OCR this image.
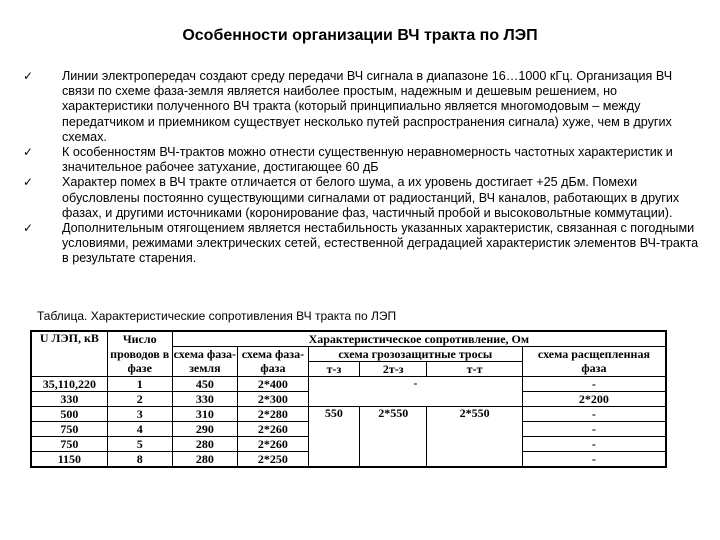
Особенности организации ВЧ тракта по ЛЭП
✓ Линии электропередач создают среду передачи ВЧ сигнала в диапазоне 16…1000 кГц. Организация ВЧ связи по схеме фаза-земля является наиболее простым, надежным и дешевым решением, но характеристики полученного ВЧ тракта (который принципиально является многомодовым – между передатчиком и приемником существует несколько путей распространения сигнала) хуже, чем в других схемах.
✓ К особенностям ВЧ-трактов можно отнести существенную неравномерность частотных характеристик и значительное рабочее затухание, достигающее 60 дБ
✓ Характер помех в ВЧ тракте отличается от белого шума, а их уровень достигает +25 дБм. Помехи обусловлены постоянно существующими сигналами от радиостанций, ВЧ каналов, работающих в других фазах, и другими источниками (коронирование фаз, частичный пробой и высоковольтные коммутации).
✓ Дополнительным отягощением является нестабильность указанных характеристик, связанная с погодными условиями, режимами электрических сетей, естественной деградацией характеристик элементов ВЧ-тракта в результате старения.
Таблица. Характеристические сопротивления ВЧ тракта по ЛЭП
U ЛЭП, кВ	Число	Характеристическое сопротивление, Ом					
	проводов в	схема фаза-	схема фаза-	схема грозозащитные тросы			схема расщепленная
	фазе	земля	фаза	т-з	2т-з	т-т	фаза
35,110,220	1	450	2*400	-			-
330	2	330	2*300				2*200
500	3	310	2*280	550	2*550	2*550	-
750	4	290	2*260				-
750	5	280	2*260				-
1150	8	280	2*250				-
